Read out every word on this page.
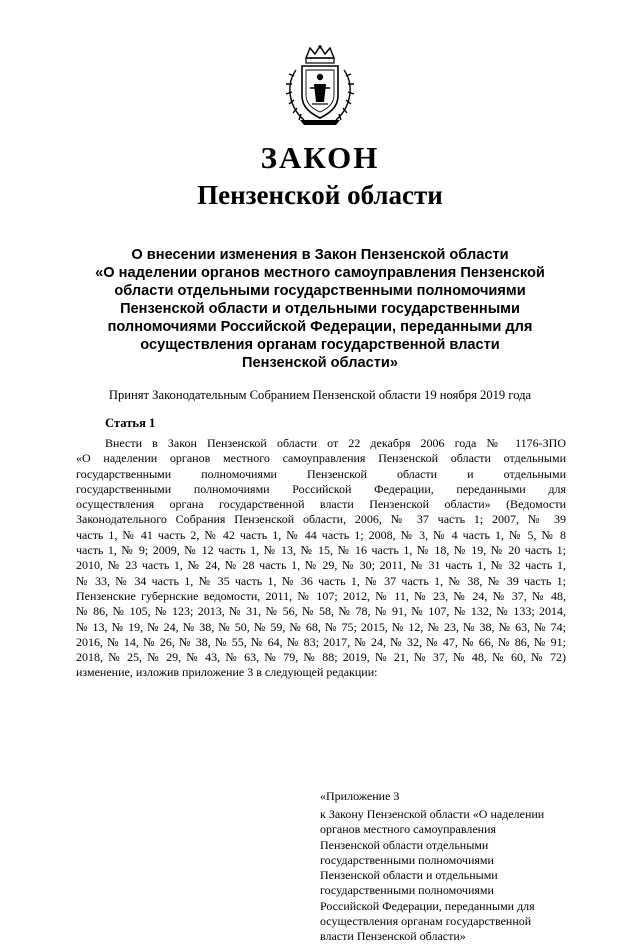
ЗАКОН
Пензенской области
О внесении изменения в Закон Пензенской области
«О наделении органов местного самоуправления Пензенской
области отдельными государственными полномочиями
Пензенской области и отдельными государственными
полномочиями Российской Федерации, переданными для
осуществления органам государственной власти
Пензенской области»
Принят Законодательным Собранием Пензенской области 19 ноября 2019 года
Статья 1
Внести в Закон Пензенской области от 22 декабря 2006 года № 1176-ЗПО
«О наделении органов местного самоуправления Пензенской области отдельными
государственными полномочиями Пензенской области и отдельными
государственными полномочиями Российской Федерации, переданными для
осуществления органа государственной власти Пензенской области» (Ведомости
Законодательного Собрания Пензенской области, 2006, № 37 часть 1; 2007, № 39
часть 1, № 41 часть 2, № 42 часть 1, № 44 часть 1; 2008, № 3, № 4 часть 1, № 5, № 8
часть 1, № 9; 2009, № 12 часть 1, № 13, № 15, № 16 часть 1, № 18, № 19, № 20 часть 1;
2010, № 23 часть 1, № 24, № 28 часть 1, № 29, № 30; 2011, № 31 часть 1, № 32 часть 1,
№ 33, № 34 часть 1, № 35 часть 1, № 36 часть 1, № 37 часть 1, № 38, № 39 часть 1;
Пензенские губернские ведомости, 2011, № 107; 2012, № 11, № 23, № 24, № 37, № 48,
№ 86, № 105, № 123; 2013, № 31, № 56, № 58, № 78, № 91, № 107, № 132, № 133; 2014,
№ 13, № 19, № 24, № 38, № 50, № 59, № 68, № 75; 2015, № 12, № 23, № 38, № 63, № 74;
2016, № 14, № 26, № 38, № 55, № 64, № 83; 2017, № 24, № 32, № 47, № 66, № 86, № 91;
2018, № 25, № 29, № 43, № 63, № 79, № 88; 2019, № 21, № 37, № 48, № 60, № 72)
изменение, изложив приложение 3 в следующей редакции:
«Приложение 3
к Закону Пензенской области «О наделении
органов местного самоуправления
Пензенской области отдельными
государственными полномочиями
Пензенской области и отдельными
государственными полномочиями
Российской Федерации, переданными для
осуществления органам государственной
власти Пензенской области»
